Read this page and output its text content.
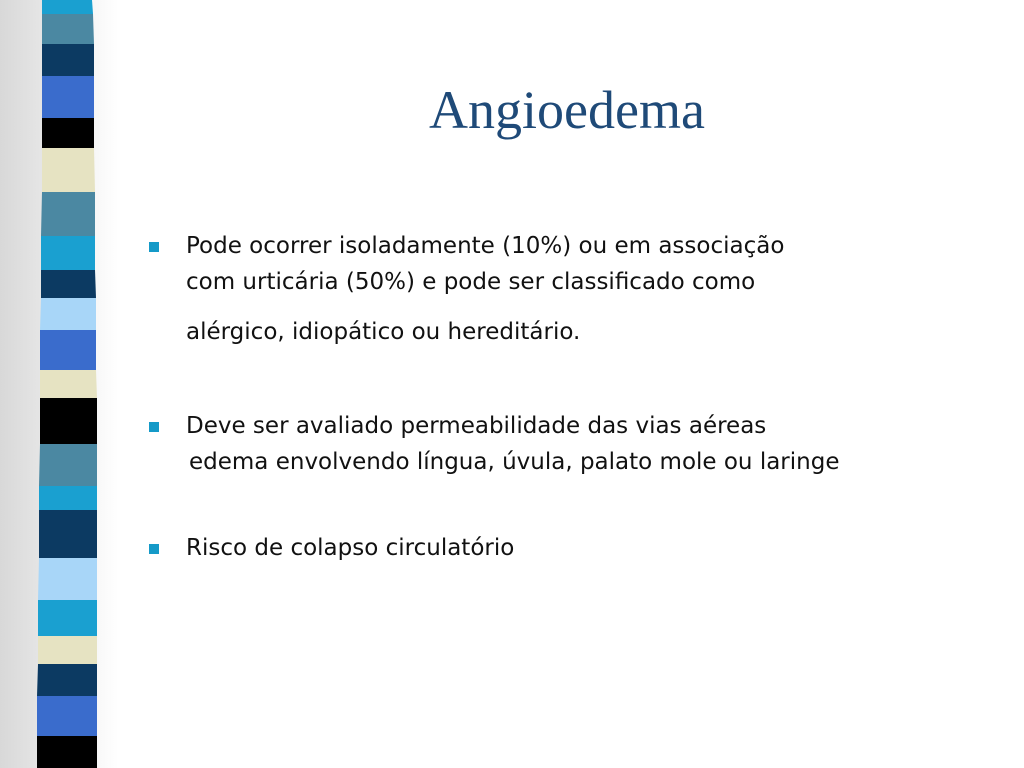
Angioedema
Pode ocorrer isoladamente (10%) ou em associação
com urticária (50%) e pode ser classificado como
alérgico, idiopático ou hereditário.
Deve ser avaliado permeabilidade das vias aéreas
edema envolvendo língua, úvula, palato mole ou laringe
Risco de colapso circulatório
